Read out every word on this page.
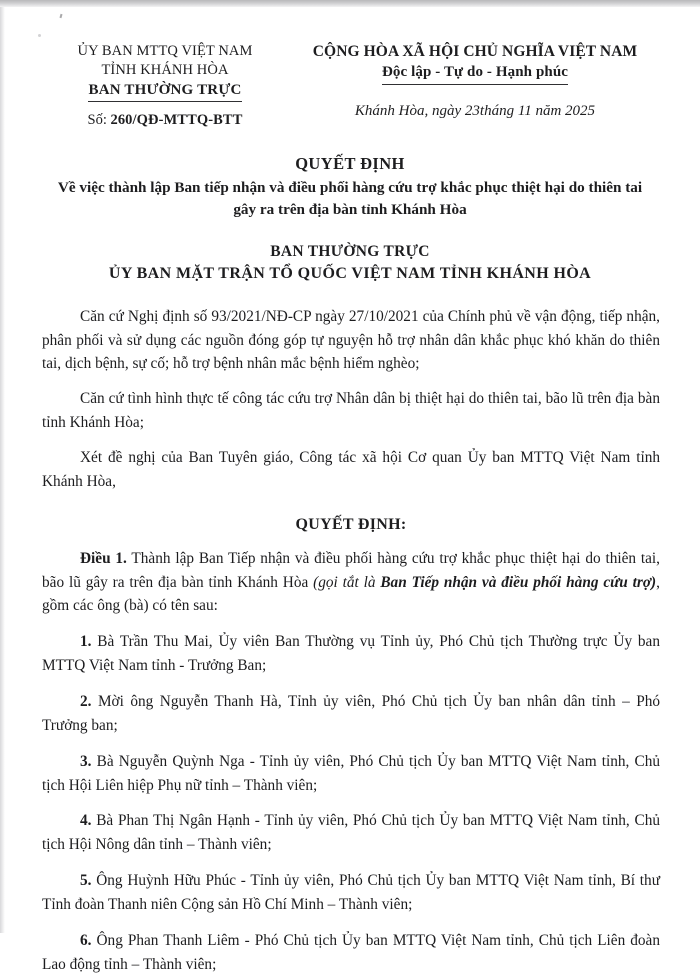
ỦY BAN MTTQ VIỆT NAM
TỈNH KHÁNH HÒA
BAN THƯỜNG TRỰC
Số: 260/QĐ-MTTQ-BTT
CỘNG HÒA XÃ HỘI CHỦ NGHĨA VIỆT NAM
Độc lập - Tự do - Hạnh phúc
Khánh Hòa, ngày 23tháng 11 năm 2025
QUYẾT ĐỊNH
Về việc thành lập Ban tiếp nhận và điều phối hàng cứu trợ khắc phục thiệt hại do thiên tai gây ra trên địa bàn tỉnh Khánh Hòa
BAN THƯỜNG TRỰC
ỦY BAN MẶT TRẬN TỔ QUỐC VIỆT NAM TỈNH KHÁNH HÒA

Căn cứ Nghị định số 93/2021/NĐ-CP ngày 27/10/2021 của Chính phủ về vận động, tiếp nhận, phân phối và sử dụng các nguồn đóng góp tự nguyện hỗ trợ nhân dân khắc phục khó khăn do thiên tai, dịch bệnh, sự cố; hỗ trợ bệnh nhân mắc bệnh hiểm nghèo;

Căn cứ tình hình thực tế công tác cứu trợ Nhân dân bị thiệt hại do thiên tai, bão lũ trên địa bàn tỉnh Khánh Hòa;

Xét đề nghị của Ban Tuyên giáo, Công tác xã hội Cơ quan Ủy ban MTTQ Việt Nam tỉnh Khánh Hòa,

QUYẾT ĐỊNH:

Điều 1. Thành lập Ban Tiếp nhận và điều phối hàng cứu trợ khắc phục thiệt hại do thiên tai, bão lũ gây ra trên địa bàn tỉnh Khánh Hòa (gọi tắt là Ban Tiếp nhận và điều phối hàng cứu trợ), gồm các ông (bà) có tên sau:

1. Bà Trần Thu Mai, Ủy viên Ban Thường vụ Tỉnh ủy, Phó Chủ tịch Thường trực Ủy ban MTTQ Việt Nam tỉnh - Trưởng Ban;
2. Mời ông Nguyễn Thanh Hà, Tỉnh ủy viên, Phó Chủ tịch Ủy ban nhân dân tỉnh – Phó Trưởng ban;
3. Bà Nguyễn Quỳnh Nga - Tỉnh ủy viên, Phó Chủ tịch Ủy ban MTTQ Việt Nam tỉnh, Chủ tịch Hội Liên hiệp Phụ nữ tỉnh – Thành viên;
4. Bà Phan Thị Ngân Hạnh - Tỉnh ủy viên, Phó Chủ tịch Ủy ban MTTQ Việt Nam tỉnh, Chủ tịch Hội Nông dân tỉnh – Thành viên;
5. Ông Huỳnh Hữu Phúc - Tỉnh ủy viên, Phó Chủ tịch Ủy ban MTTQ Việt Nam tỉnh, Bí thư Tỉnh đoàn Thanh niên Cộng sản Hồ Chí Minh – Thành viên;
6. Ông Phan Thanh Liêm - Phó Chủ tịch Ủy ban MTTQ Việt Nam tỉnh, Chủ tịch Liên đoàn Lao động tỉnh – Thành viên;
